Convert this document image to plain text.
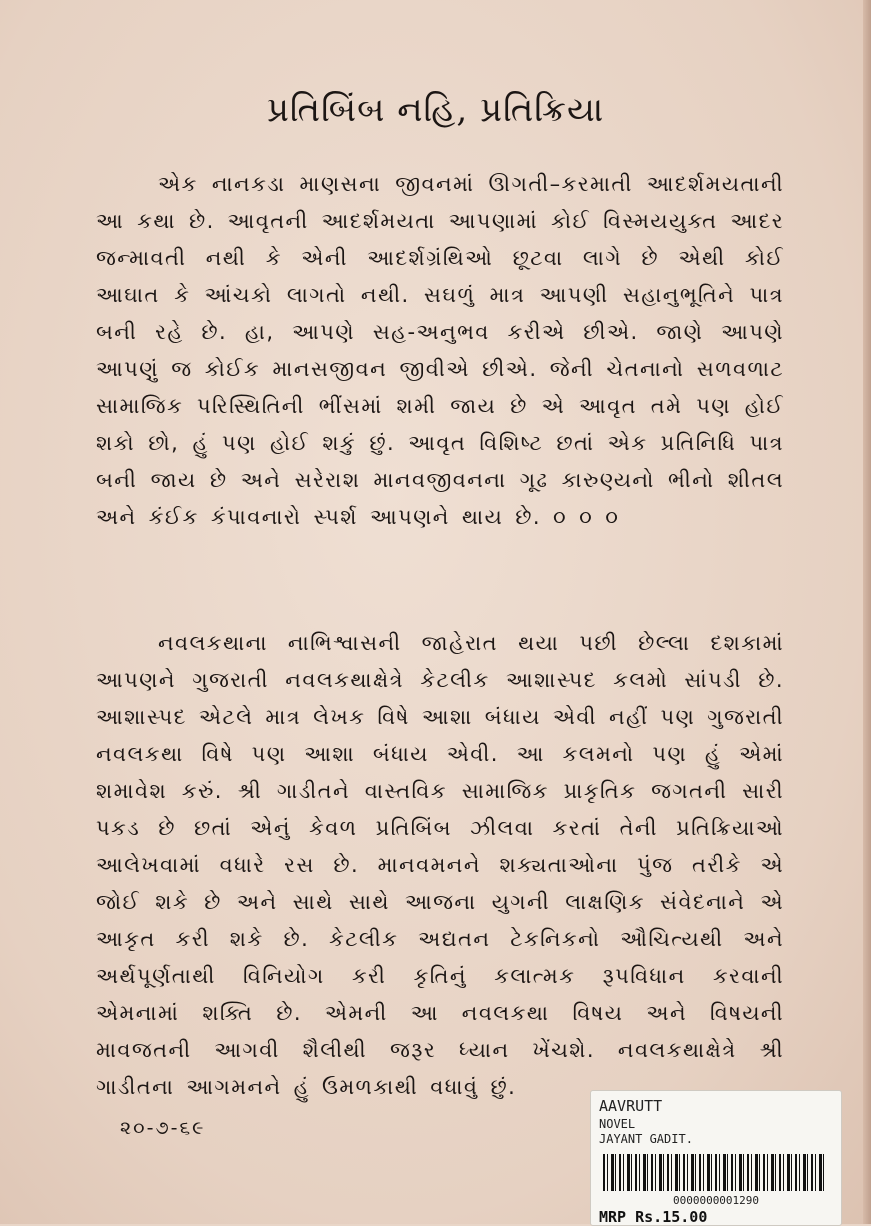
પ્રતિબિંબ નહિ, પ્રતિક્રિયા

એક નાનકડા માણસના જીવનમાં ઊગતી–કરમાતી આદર્શમયતાની આ કથા છે. આવૃતની આદર્શમયતા આપણામાં કોઈ વિસ્મયયુક્ત આદર જન્માવતી નથી કે એની આદર્શગ્રંથિઓ છૂટવા લાગે છે એથી કોઈ આઘાત કે આંચકો લાગતો નથી. સઘળું માત્ર આપણી સહાનુભૂતિને પાત્ર બની રહે છે. હા, આપણે સહ-અનુભવ કરીએ છીએ. જાણે આપણે આપણું જ કોઈક માનસજીવન જીવીએ છીએ. જેની ચેતનાનો સળવળાટ સામાજિક પરિસ્થિતિની ભીંસમાં શમી જાય છે એ આવૃત તમે પણ હોઈ શકો છો, હું પણ હોઈ શકું છું. આવૃત વિશિષ્ટ છતાં એક પ્રતિનિધિ પાત્ર બની જાય છે અને સરેરાશ માનવજીવનના ગૂઢ કારુણ્યનો ભીનો શીતલ અને કંઈક કંપાવનારો સ્પર્શ આપણને થાય છે. ૦ ૦ ૦

નવલકથાના નાભિશ્વાસની જાહેરાત થયા પછી છેલ્લા દશકામાં આપણને ગુજરાતી નવલકથાક્ષેત્રે કેટલીક આશાસ્પદ કલમો સાંપડી છે. આશાસ્પદ એટલે માત્ર લેખક વિષે આશા બંધાય એવી નહીં પણ ગુજરાતી નવલકથા વિષે પણ આશા બંધાય એવી. આ કલમનો પણ હું એમાં શમાવેશ કરું. શ્રી ગાડીતને વાસ્તવિક સામાજિક પ્રાકૃતિક જગતની સારી પકડ છે છતાં એનું કેવળ પ્રતિબિંબ ઝીલવા કરતાં તેની પ્રતિક્રિયાઓ આલેખવામાં વધારે રસ છે. માનવમનને શક્યતાઓના પુંજ તરીકે એ જોઈ શકે છે અને સાથે સાથે આજના યુગની લાક્ષણિક સંવેદનાને એ આકૃત કરી શકે છે. કેટલીક અદ્યતન ટેકનિકનો ઔચિત્યથી અને અર્થપૂર્ણતાથી વિનિયોગ કરી કૃતિનું કલાત્મક રૂપવિધાન કરવાની એમનામાં શક્તિ છે. એમની આ નવલકથા વિષય અને વિષયની માવજતની આગવી શૈલીથી જરૂર ધ્યાન ખેંચશે. નવલકથાક્ષેત્રે શ્રી ગાડીતના આગમનને હું ઉમળકાથી વધાવું છું.

૨૦-૭-૬૯

AAVRUTT

NOVEL

JAYANT GADIT.

0000000001290

MRP Rs.15.00
